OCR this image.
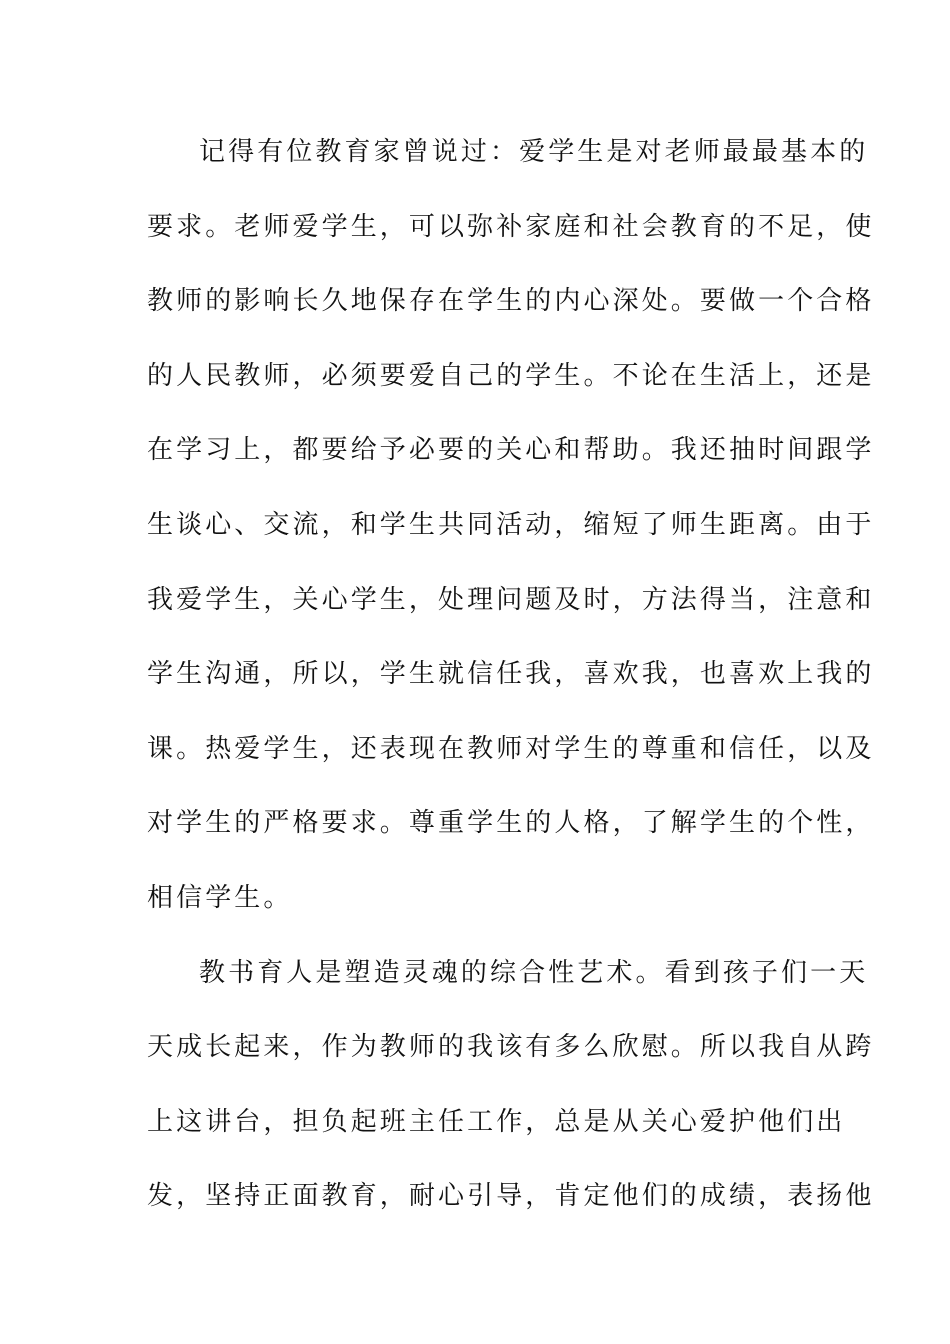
记得有位教育家曾说过：爱学生是对老师最最基本的
要求。老师爱学生，可以弥补家庭和社会教育的不足，使
教师的影响长久地保存在学生的内心深处。要做一个合格
的人民教师，必须要爱自己的学生。不论在生活上，还是
在学习上，都要给予必要的关心和帮助。我还抽时间跟学
生谈心、交流，和学生共同活动，缩短了师生距离。由于
我爱学生，关心学生，处理问题及时，方法得当，注意和
学生沟通，所以，学生就信任我，喜欢我，也喜欢上我的
课。热爱学生，还表现在教师对学生的尊重和信任，以及
对学生的严格要求。尊重学生的人格，了解学生的个性，
相信学生。
教书育人是塑造灵魂的综合性艺术。看到孩子们一天
天成长起来，作为教师的我该有多么欣慰。所以我自从跨
上这讲台，担负起班主任工作，总是从关心爱护他们出
发，坚持正面教育，耐心引导，肯定他们的成绩，表扬他
